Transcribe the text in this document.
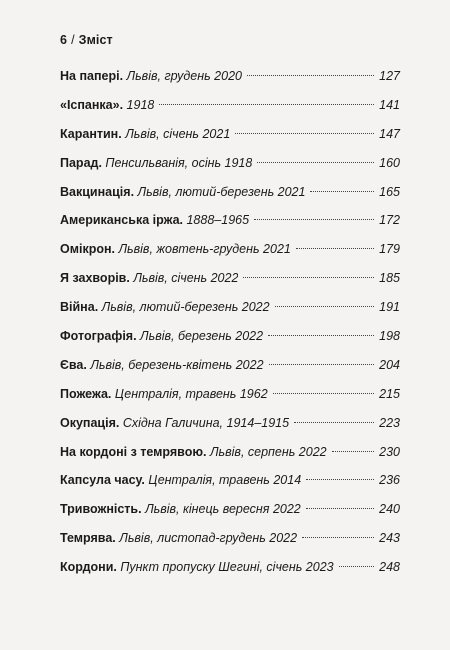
6 / Зміст
На папері. Львів, грудень 2020	127
«Іспанка». 1918	141
Карантин. Львів, січень 2021	147
Парад. Пенсильванія, осінь 1918	160
Вакцинація. Львів, лютий-березень 2021	165
Американська іржа. 1888–1965	172
Омікрон. Львів, жовтень-грудень 2021	179
Я захворів. Львів, січень 2022	185
Війна. Львів, лютий-березень 2022	191
Фотографія. Львів, березень 2022	198
Єва. Львів, березень-квітень 2022	204
Пожежа. Централія, травень 1962	215
Окупація. Східна Галичина, 1914–1915	223
На кордоні з темрявою. Львів, серпень 2022	230
Капсула часу. Централія, травень 2014	236
Тривожність. Львів, кінець вересня 2022	240
Темрява. Львів, листопад-грудень 2022	243
Кордони. Пункт пропуску Шегині, січень 2023	248
